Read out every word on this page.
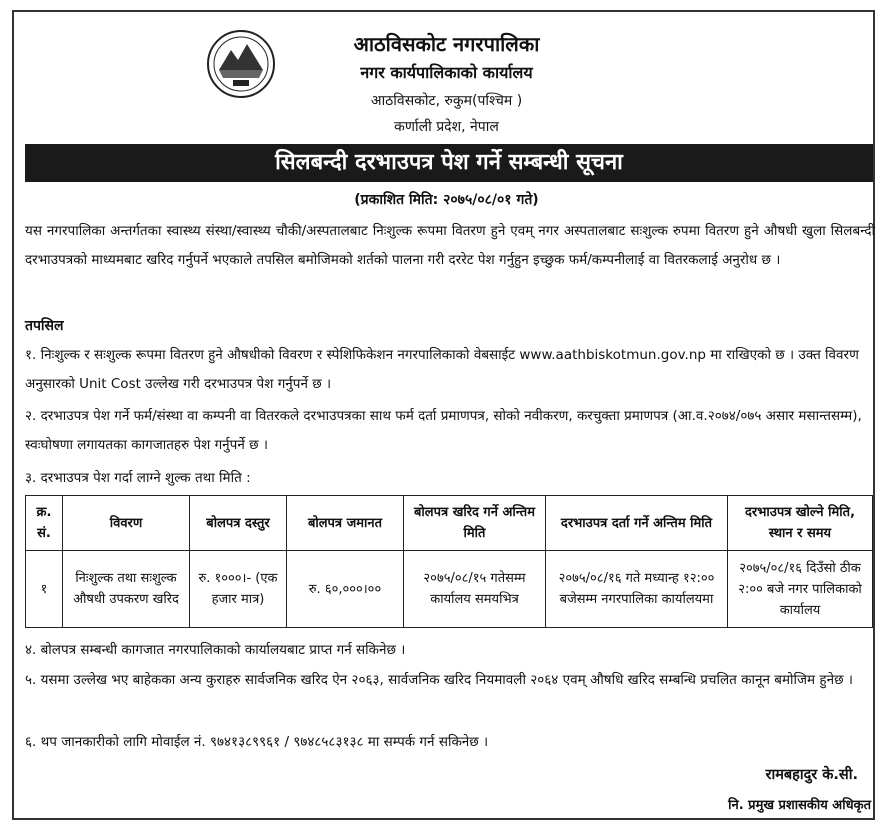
आठविसकोट नगरपालिका
नगर कार्यपालिकाको कार्यालय
आठविसकोट, रुकुम(पश्चिम )
कर्णाली प्रदेश, नेपाल
सिलबन्दी दरभाउपत्र पेश गर्ने सम्बन्धी सूचना
(प्रकाशित मिति: २०७५/०८/०१ गते)
यस नगरपालिका अन्तर्गतका स्वास्थ्य संस्था/स्वास्थ्य चौकी/अस्पतालबाट निःशुल्क रूपमा वितरण हुने एवम् नगर अस्पतालबाट सःशुल्क रुपमा वितरण हुने औषधी खुला सिलबन्दी दरभाउपत्रको माध्यमबाट खरिद गर्नुपर्ने भएकाले तपसिल बमोजिमको शर्तको पालना गरी दररेट पेश गर्नुहुन इच्छुक फर्म/कम्पनीलाई वा वितरकलाई अनुरोध छ ।
तपसिल
१. निःशुल्क र सःशुल्क रूपमा वितरण हुने औषधीको विवरण र स्पेशिफिकेशन नगरपालिकाको वेबसाईट www.aathbiskotmun.gov.np मा राखिएको छ । उक्त विवरण अनुसारको Unit Cost उल्लेख गरी दरभाउपत्र पेश गर्नुपर्ने छ ।
२. दरभाउपत्र पेश गर्ने फर्म/संस्था वा कम्पनी वा वितरकले दरभाउपत्रका साथ फर्म दर्ता प्रमाणपत्र, सोको नवीकरण, करचुक्ता प्रमाणपत्र (आ.व.२०७४/०७५ असार मसान्तसम्म), स्वःघोषणा लगायतका कागजातहरु पेश गर्नुपर्ने छ ।
३. दरभाउपत्र पेश गर्दा लाग्ने शुल्क तथा मिति :
क्र. सं.	विवरण	बोलपत्र दस्तुर	बोलपत्र जमानत	बोलपत्र खरिद गर्ने अन्तिम मिति	दरभाउपत्र दर्ता गर्ने अन्तिम मिति	दरभाउपत्र खोल्ने मिति, स्थान र समय
१	निःशुल्क तथा सःशुल्क औषधी उपकरण खरिद	रु. १०००।- (एक हजार मात्र)	रु. ६०,०००।००	२०७५/०८/१५ गतेसम्म कार्यालय समयभित्र	२०७५/०८/१६ गते मध्यान्ह १२:०० बजेसम्म नगरपालिका कार्यालयमा	२०७५/०८/१६ दिउँसो ठीक २:०० बजे नगर पालिकाको कार्यालय
४. बोलपत्र सम्बन्धी कागजात नगरपालिकाको कार्यालयबाट प्राप्त गर्न सकिनेछ ।
५. यसमा उल्लेख भए बाहेकका अन्य कुराहरु सार्वजनिक खरिद ऐन २०६३, सार्वजनिक खरिद नियमावली २०६४ एवम् औषधि खरिद सम्बन्धि प्रचलित कानून बमोजिम हुनेछ ।
६. थप जानकारीको लागि मोवाईल नं. ९७४१३८९९६१ / ९७४८५८३१३८ मा सम्पर्क गर्न सकिनेछ ।
रामबहादुर के.सी.
नि. प्रमुख प्रशासकीय अधिकृत
